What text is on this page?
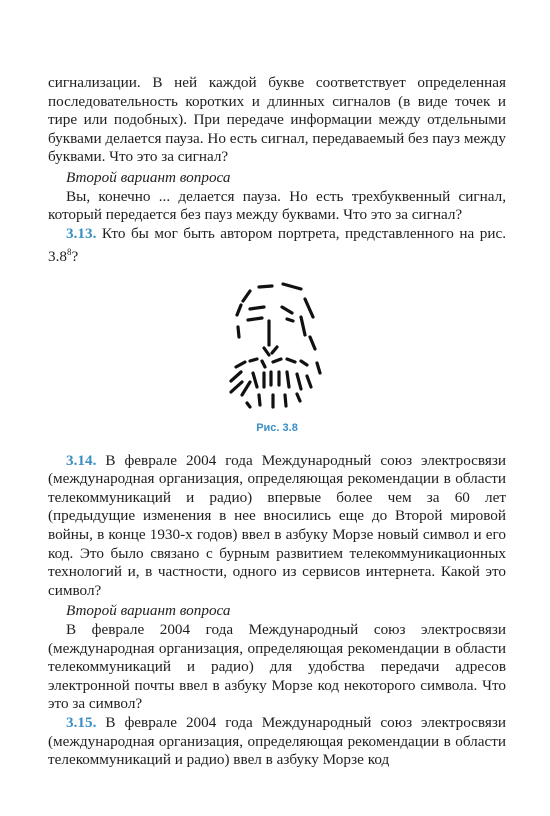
сигнализации. В ней каждой букве соответствует определенная последовательность коротких и длинных сигналов (в виде точек и тире или подобных). При передаче информации между отдельными буквами делается пауза. Но есть сигнал, передаваемый без пауз между буквами. Что это за сигнал?

Второй вариант вопроса

Вы, конечно ... делается пауза. Но есть трехбуквенный сигнал, который передается без пауз между буквами. Что это за сигнал?

3.13. Кто бы мог быть автором портрета, представленного на рис. $3.8^8$?

Рис. 3.8

3.14. В феврале 2004 года Международный союз электросвязи (международная организация, определяющая рекомендации в области телекоммуникаций и радио) впервые более чем за 60 лет (предыдущие изменения в нее вносились еще до Второй мировой войны, в конце 1930-х годов) ввел в азбуку Морзе новый символ и его код. Это было связано с бурным развитием телекоммуникационных технологий и, в частности, одного из сервисов интернета. Какой это символ?

Второй вариант вопроса

В феврале 2004 года Международный союз электросвязи (международная организация, определяющая рекомендации в области телекоммуникаций и радио) для удобства передачи адресов электронной почты ввел в азбуку Морзе код некоторого символа. Что это за символ?

3.15. В феврале 2004 года Международный союз электросвязи (международная организация, определяющая рекомендации в области телекоммуникаций и радио) ввел в азбуку Морзе код
